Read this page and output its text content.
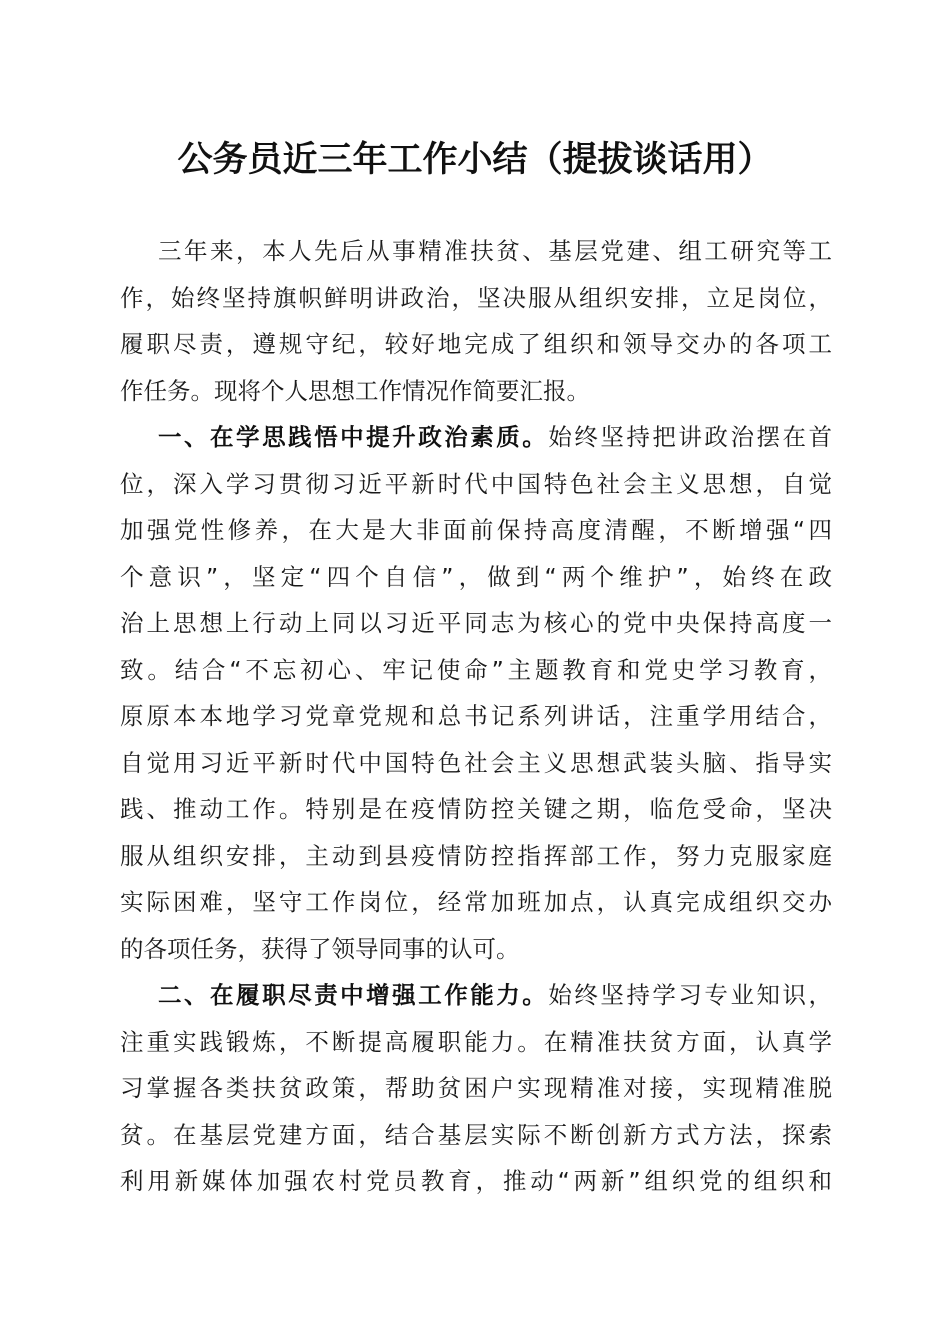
公务员近三年工作小结（提拔谈话用）
三年来，本人先后从事精准扶贫、基层党建、组工研究等工
作，始终坚持旗帜鲜明讲政治，坚决服从组织安排，立足岗位，
履职尽责，遵规守纪，较好地完成了组织和领导交办的各项工
作任务。现将个人思想工作情况作简要汇报。
一、在学思践悟中提升政治素质。始终坚持把讲政治摆在首
位，深入学习贯彻习近平新时代中国特色社会主义思想，自觉
加强党性修养，在大是大非面前保持高度清醒，不断增强“四
个意识”，坚定“四个自信”，做到“两个维护”，始终在政
治上思想上行动上同以习近平同志为核心的党中央保持高度一
致。结合“不忘初心、牢记使命”主题教育和党史学习教育，
原原本本地学习党章党规和总书记系列讲话，注重学用结合，
自觉用习近平新时代中国特色社会主义思想武装头脑、指导实
践、推动工作。特别是在疫情防控关键之期，临危受命，坚决
服从组织安排，主动到县疫情防控指挥部工作，努力克服家庭
实际困难，坚守工作岗位，经常加班加点，认真完成组织交办
的各项任务，获得了领导同事的认可。
二、在履职尽责中增强工作能力。始终坚持学习专业知识，
注重实践锻炼，不断提高履职能力。在精准扶贫方面，认真学
习掌握各类扶贫政策，帮助贫困户实现精准对接，实现精准脱
贫。在基层党建方面，结合基层实际不断创新方式方法，探索
利用新媒体加强农村党员教育，推动“两新”组织党的组织和
